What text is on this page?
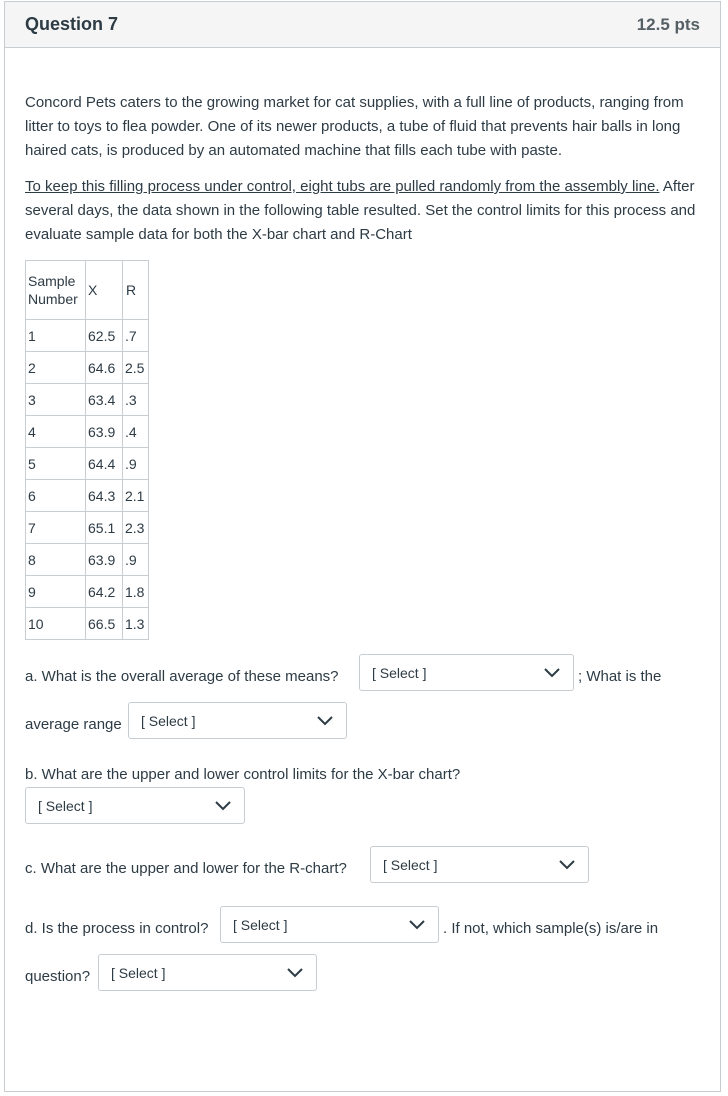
Question 7	12.5 pts

Concord Pets caters to the growing market for cat supplies, with a full line of products, ranging from litter to toys to flea powder. One of its newer products, a tube of fluid that prevents hair balls in long haired cats, is produced by an automated machine that fills each tube with paste.

To keep this filling process under control, eight tubs are pulled randomly from the assembly line. After several days, the data shown in the following table resulted. Set the control limits for this process and evaluate sample data for both the X-bar chart and R-Chart

Sample Number	X	R
1	62.5	.7
2	64.6	2.5
3	63.4	.3
4	63.9	.4
5	64.4	.9
6	64.3	2.1
7	65.1	2.3
8	63.9	.9
9	64.2	1.8
10	66.5	1.3
a. What is the overall average of these means? [ Select ]	; What is the
average range [ Select ]
b. What are the upper and lower control limits for the X-bar chart?
[ Select ]
c. What are the upper and lower for the R-chart?	[ Select ]
d. Is the process in control? [ Select ]	. If not, which sample(s) is/are in
question? [ Select ]
